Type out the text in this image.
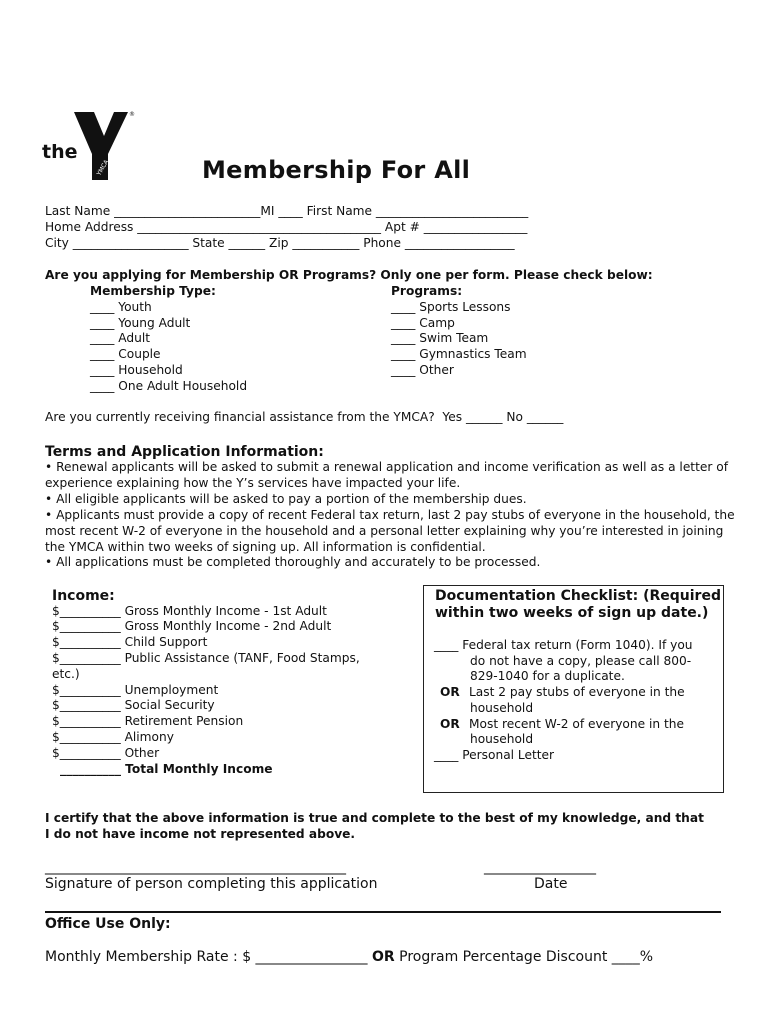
the
YMCA
®
Membership For All
Last Name ________________________MI ____ First Name _________________________
Home Address ________________________________________ Apt # _________________
City ___________________ State ______ Zip ___________ Phone __________________
Are you applying for Membership OR Programs? Only one per form. Please check below:
Membership Type:
____ Youth
____ Young Adult
____ Adult
____ Couple
____ Household
____ One Adult Household
Programs:
____ Sports Lessons
____ Camp
____ Swim Team
____ Gymnastics Team
____ Other
Are you currently receiving financial assistance from the YMCA?  Yes ______ No ______
Terms and Application Information:
• Renewal applicants will be asked to submit a renewal application and income verification as well as a letter of experience explaining how the Y’s services have impacted your life.
• All eligible applicants will be asked to pay a portion of the membership dues.
• Applicants must provide a copy of recent Federal tax return, last 2 pay stubs of everyone in the household, the most recent W-2 of everyone in the household and a personal letter explaining why you’re interested in joining the YMCA within two weeks of signing up. All information is confidential.
• All applications must be completed thoroughly and accurately to be processed.
Income:
$__________ Gross Monthly Income - 1st Adult
$__________ Gross Monthly Income - 2nd Adult
$__________ Child Support
$__________ Public Assistance (TANF, Food Stamps,
etc.)
$__________ Unemployment
$__________ Social Security
$__________ Retirement Pension
$__________ Alimony
$__________ Other
__________ Total Monthly Income
Documentation Checklist: (Required
within two weeks of sign up date.)
____ Federal tax return (Form 1040). If you
do not have a copy, please call 800-
829-1040 for a duplicate.
OR Last 2 pay stubs of everyone in the
household
OR Most recent W-2 of everyone in the
household
____ Personal Letter
I certify that the above information is true and complete to the best of my knowledge, and that
I do not have income not represented above.
___________________________________________	________________
Signature of person completing this application	Date
Office Use Only:
Monthly Membership Rate : $ ________________ OR Program Percentage Discount ____%
